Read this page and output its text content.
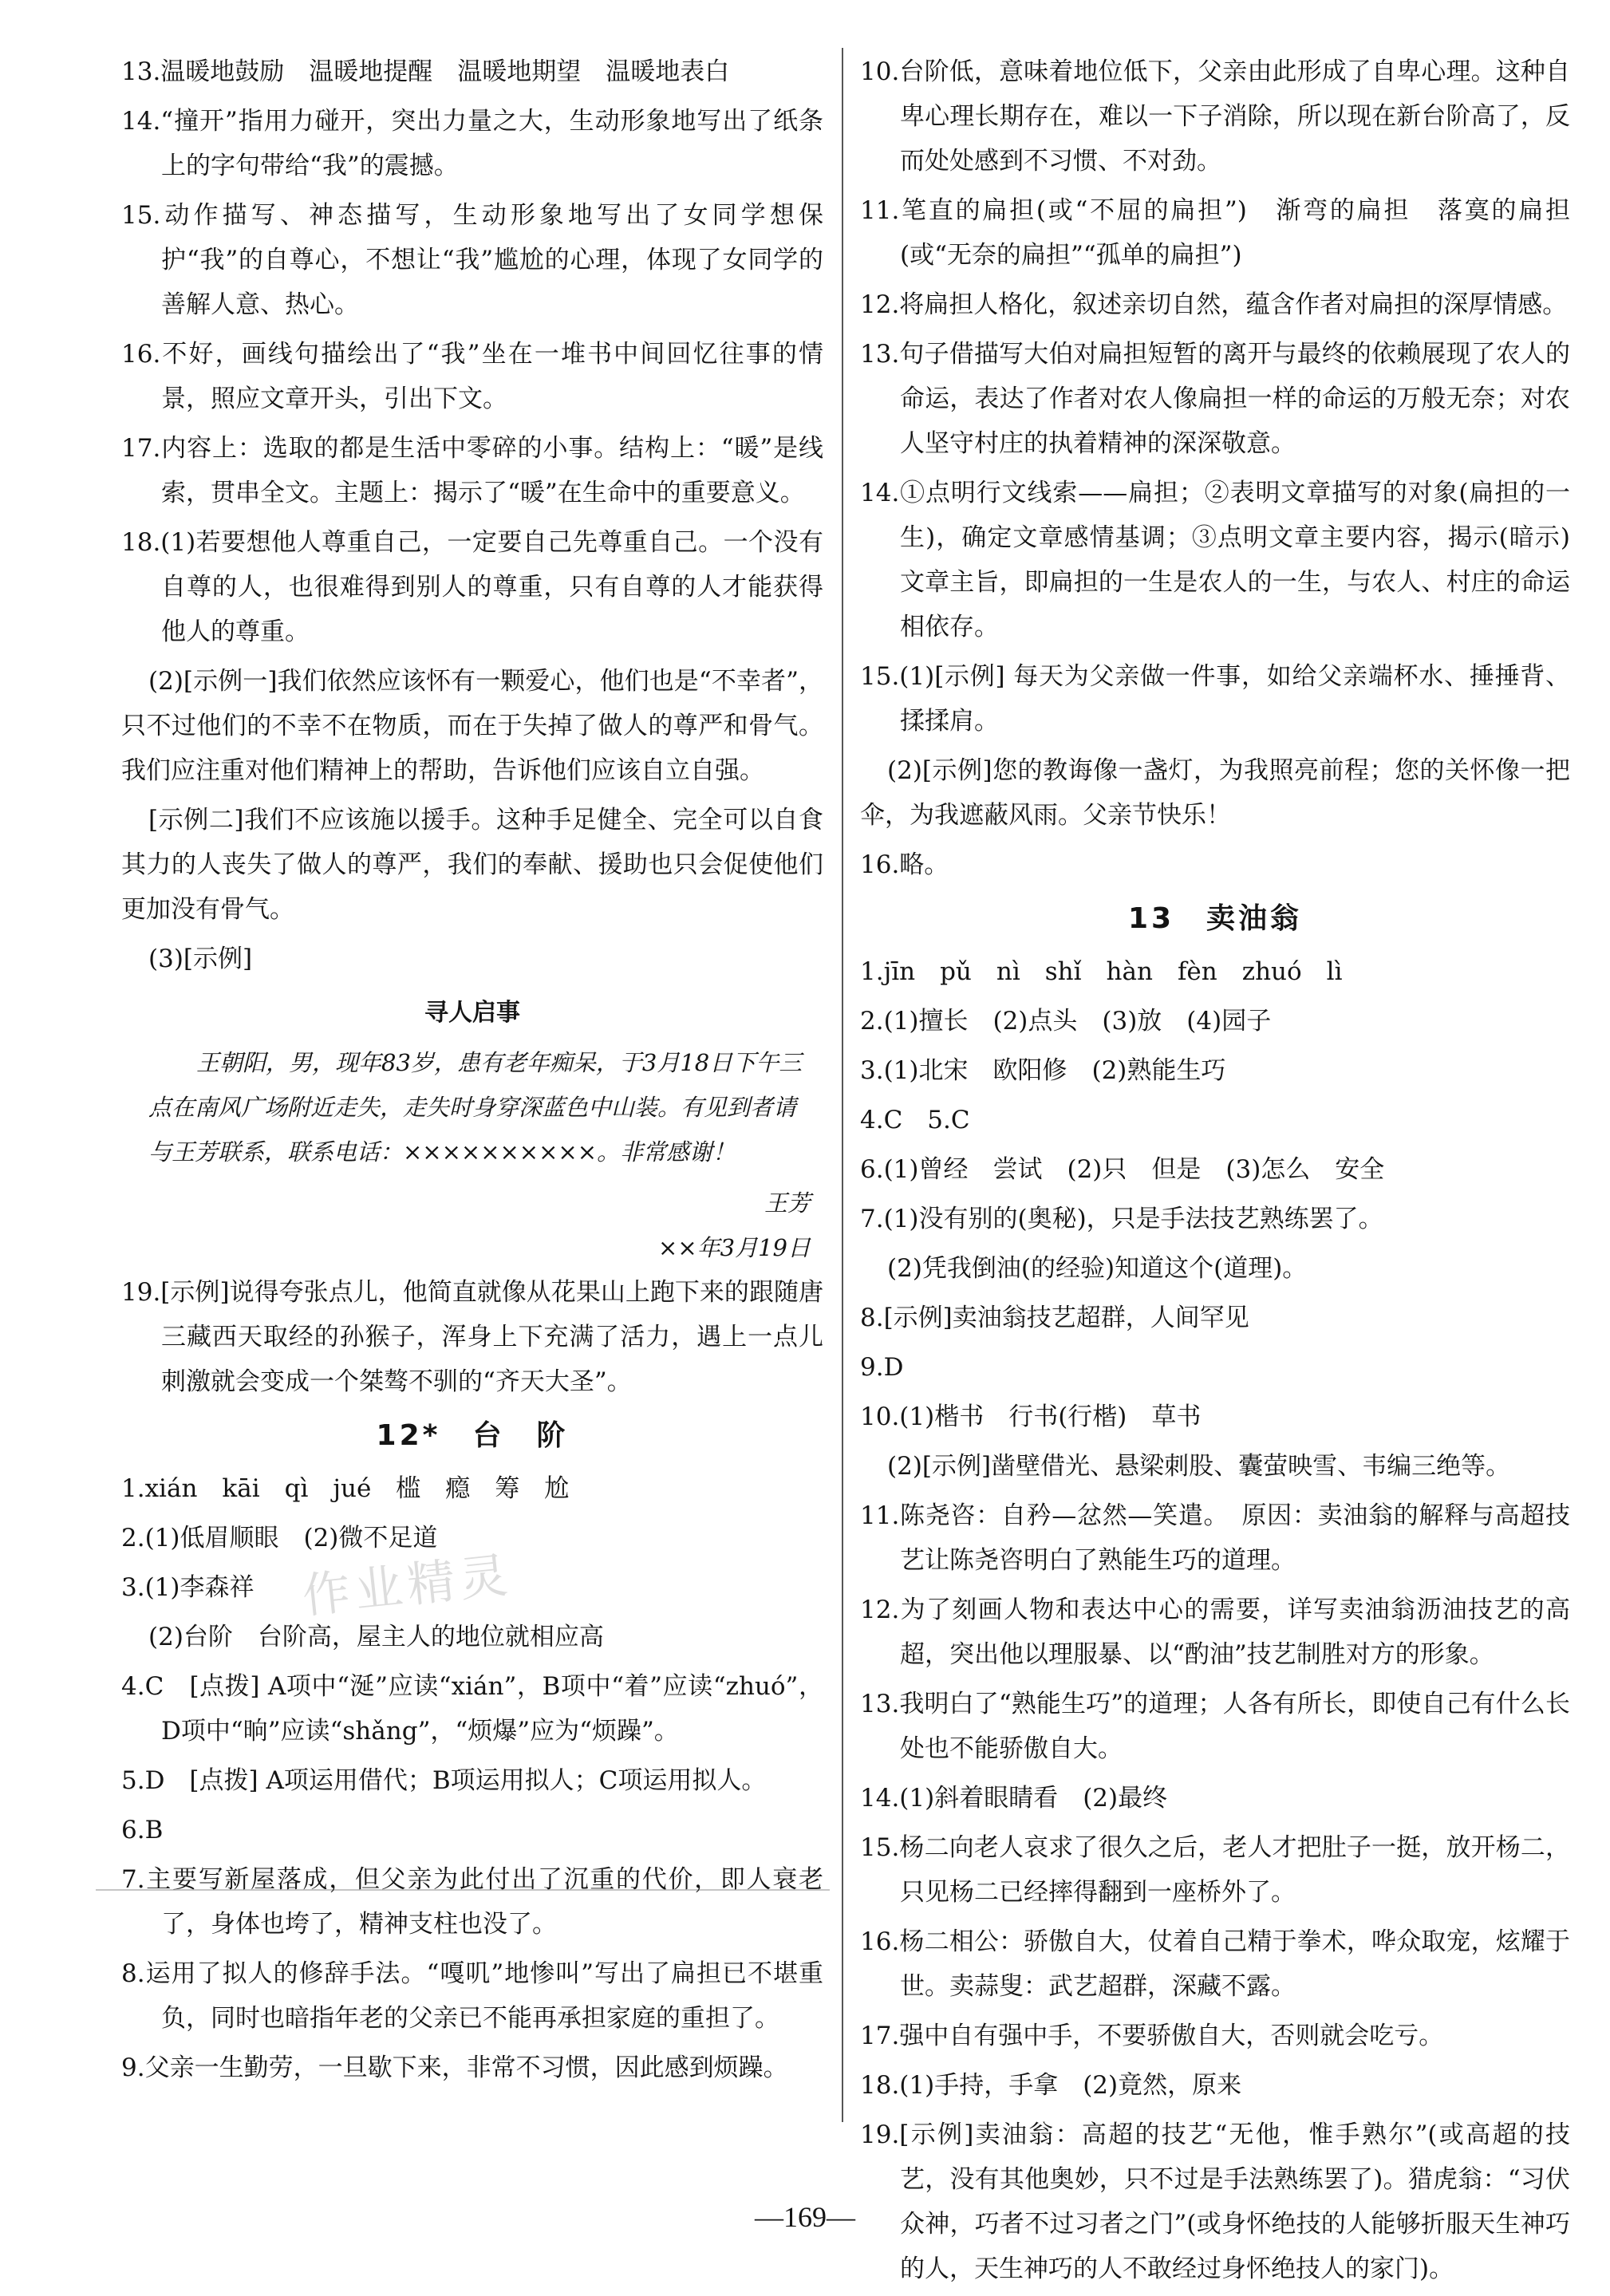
作业精灵

13.温暖地鼓励　温暖地提醒　温暖地期望　温暖地表白

14.“撞开”指用力碰开，突出力量之大，生动形象地写出了纸条上的字句带给“我”的震撼。

15.动作描写、神态描写，生动形象地写出了女同学想保护“我”的自尊心，不想让“我”尴尬的心理，体现了女同学的善解人意、热心。

16.不好，画线句描绘出了“我”坐在一堆书中间回忆往事的情景，照应文章开头，引出下文。

17.内容上：选取的都是生活中零碎的小事。结构上：“暖”是线索，贯串全文。主题上：揭示了“暖”在生命中的重要意义。

18.(1)若要想他人尊重自己，一定要自己先尊重自己。一个没有自尊的人，也很难得到别人的尊重，只有自尊的人才能获得他人的尊重。

(2)[示例一]我们依然应该怀有一颗爱心，他们也是“不幸者”，只不过他们的不幸不在物质，而在于失掉了做人的尊严和骨气。我们应注重对他们精神上的帮助，告诉他们应该自立自强。

[示例二]我们不应该施以援手。这种手足健全、完全可以自食其力的人丧失了做人的尊严，我们的奉献、援助也只会促使他们更加没有骨气。

(3)[示例]

寻人启事

王朝阳，男，现年83岁，患有老年痴呆，于3月18日下午三点在南风广场附近走失，走失时身穿深蓝色中山装。有见到者请与王芳联系，联系电话：××××××××××。非常感谢！

王芳

××年3月19日

19.[示例]说得夸张点儿，他简直就像从花果山上跑下来的跟随唐三藏西天取经的孙猴子，浑身上下充满了活力，遇上一点儿刺激就会变成一个桀骜不驯的“齐天大圣”。

12*　台　阶

1.xián　kāi　qì　jué　槛　瘾　筹　尬

2.(1)低眉顺眼　(2)微不足道

3.(1)李森祥

(2)台阶　台阶高，屋主人的地位就相应高

4.C　[点拨] A项中“涎”应读“xián”，B项中“着”应读“zhuó”，D项中“晌”应读“shǎng”，“烦爆”应为“烦躁”。

5.D　[点拨] A项运用借代；B项运用拟人；C项运用拟人。

6.B

7.主要写新屋落成，但父亲为此付出了沉重的代价，即人衰老了，身体也垮了，精神支柱也没了。

8.运用了拟人的修辞手法。“嘎叽”地惨叫”写出了扁担已不堪重负，同时也暗指年老的父亲已不能再承担家庭的重担了。

9.父亲一生勤劳，一旦歇下来，非常不习惯，因此感到烦躁。

10.台阶低，意味着地位低下，父亲由此形成了自卑心理。这种自卑心理长期存在，难以一下子消除，所以现在新台阶高了，反而处处感到不习惯、不对劲。

11.笔直的扁担(或“不屈的扁担”)　渐弯的扁担　落寞的扁担(或“无奈的扁担”“孤单的扁担”)

12.将扁担人格化，叙述亲切自然，蕴含作者对扁担的深厚情感。

13.句子借描写大伯对扁担短暂的离开与最终的依赖展现了农人的命运，表达了作者对农人像扁担一样的命运的万般无奈；对农人坚守村庄的执着精神的深深敬意。

14.①点明行文线索——扁担；②表明文章描写的对象(扁担的一生)，确定文章感情基调；③点明文章主要内容，揭示(暗示)文章主旨，即扁担的一生是农人的一生，与农人、村庄的命运相依存。

15.(1)[示例] 每天为父亲做一件事，如给父亲端杯水、捶捶背、揉揉肩。

(2)[示例]您的教诲像一盏灯，为我照亮前程；您的关怀像一把伞，为我遮蔽风雨。父亲节快乐！

16.略。

13　卖油翁

1.jīn　pǔ　nì　shǐ　hàn　fèn　zhuó　lì

2.(1)擅长　(2)点头　(3)放　(4)园子

3.(1)北宋　欧阳修　(2)熟能生巧

4.C　5.C

6.(1)曾经　尝试　(2)只　但是　(3)怎么　安全

7.(1)没有别的(奥秘)，只是手法技艺熟练罢了。

(2)凭我倒油(的经验)知道这个(道理)。

8.[示例]卖油翁技艺超群，人间罕见

9.D

10.(1)楷书　行书(行楷)　草书

(2)[示例]凿壁借光、悬梁刺股、囊萤映雪、韦编三绝等。

11.陈尧咨：自矜—忿然—笑遣。　原因：卖油翁的解释与高超技艺让陈尧咨明白了熟能生巧的道理。

12.为了刻画人物和表达中心的需要，详写卖油翁沥油技艺的高超，突出他以理服暴、以“酌油”技艺制胜对方的形象。

13.我明白了“熟能生巧”的道理；人各有所长，即使自己有什么长处也不能骄傲自大。

14.(1)斜着眼睛看　(2)最终

15.杨二向老人哀求了很久之后，老人才把肚子一挺，放开杨二，只见杨二已经摔得翻到一座桥外了。

16.杨二相公：骄傲自大，仗着自己精于拳术，哗众取宠，炫耀于世。卖蒜叟：武艺超群，深藏不露。

17.强中自有强中手，不要骄傲自大，否则就会吃亏。

18.(1)手持，手拿　(2)竟然，原来

19.[示例]卖油翁：高超的技艺“无他，惟手熟尔”(或高超的技艺，没有其他奥妙，只不过是手法熟练罢了)。猎虎翁：“习伏众神，巧者不过习者之门”(或身怀绝技的人能够折服天生神巧的人，天生神巧的人不敢经过身怀绝技人的家门)。

—169—
